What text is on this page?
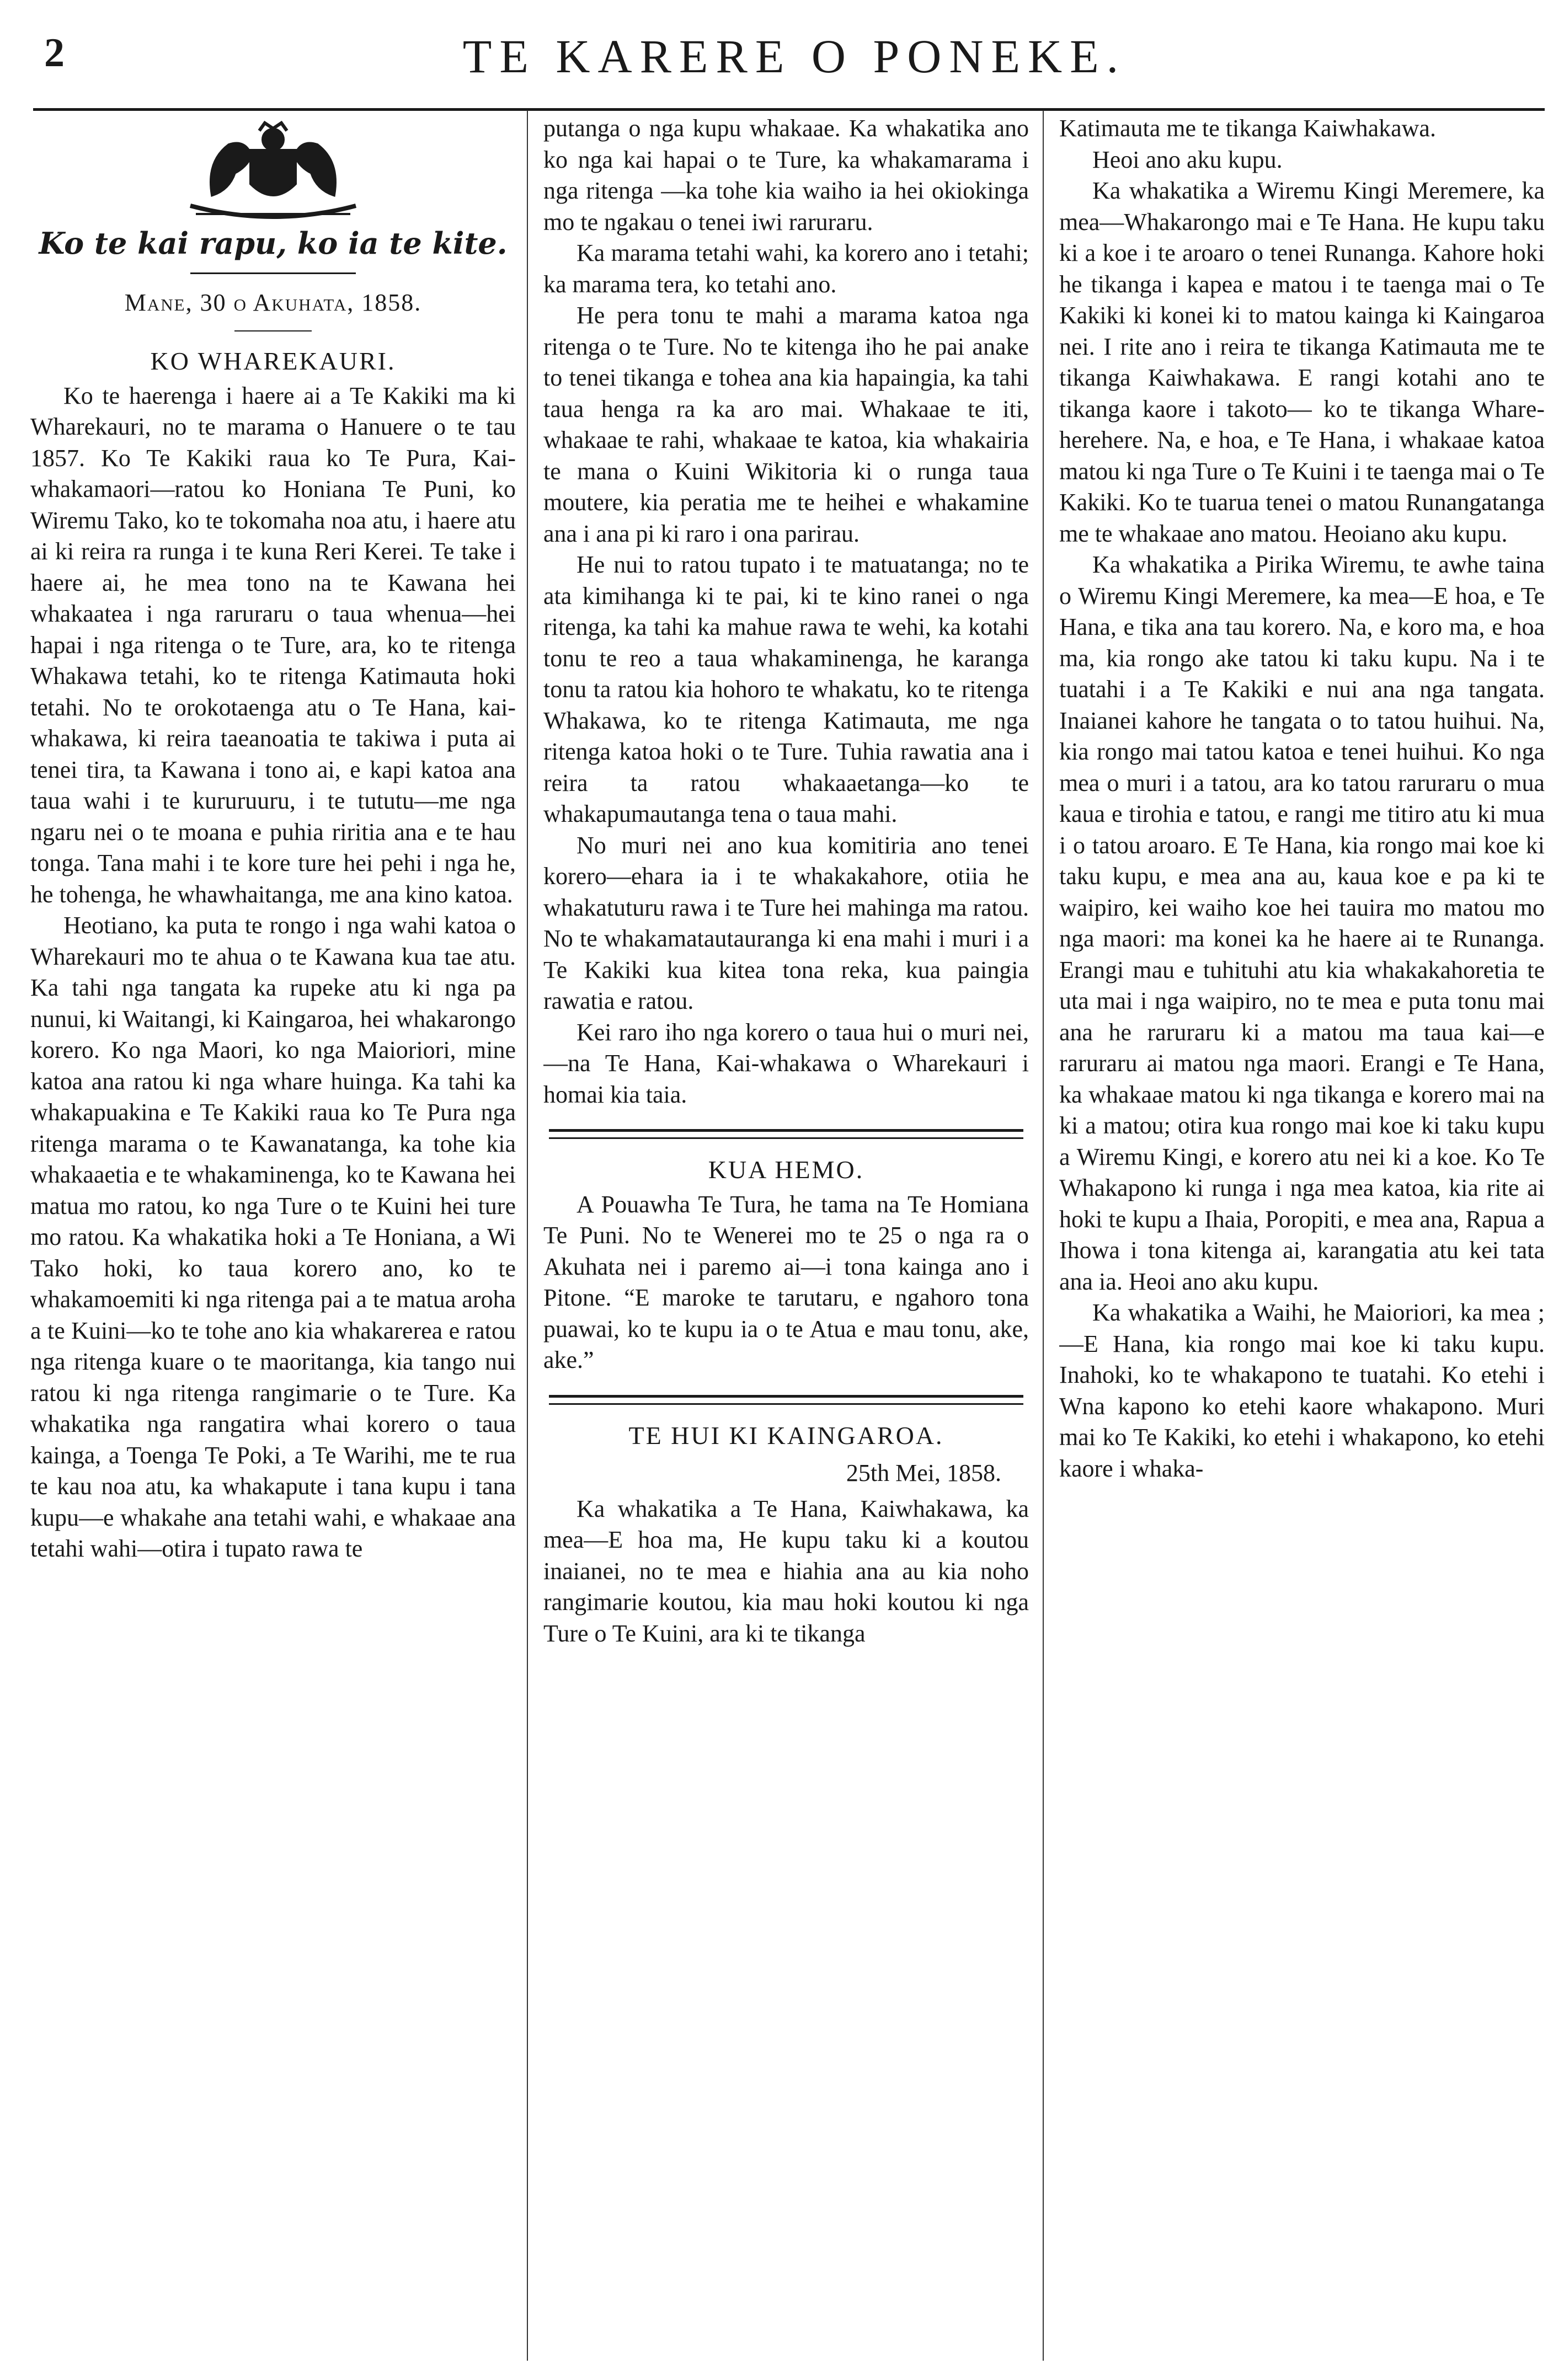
2	TE KARERE O PONEKE.
Ko te kai rapu, ko ia te kite.
Mane, 30 o Akuhata, 1858.
KO WHAREKAURI.

Ko te haerenga i haere ai a Te Kakiki ma ki Wharekauri, no te marama o Hanuere o te tau 1857. Ko Te Kakiki raua ko Te Pura, Kai-whakamaori—ratou ko Honiana Te Puni, ko Wiremu Tako, ko te tokomaha noa atu, i haere atu ai ki reira ra runga i te kuna Reri Kerei. Te take i haere ai, he mea tono na te Kawana hei whakaatea i nga raruraru o taua whenua—hei hapai i nga ritenga o te Ture, ara, ko te ritenga Whakawa tetahi, ko te ritenga Katimauta hoki tetahi. No te orokotaenga atu o Te Hana, kai-whakawa, ki reira taeanoatia te takiwa i puta ai tenei tira, ta Kawana i tono ai, e kapi katoa ana taua wahi i te kururuuru, i te tututu—me nga ngaru nei o te moana e puhia riritia ana e te hau tonga. Tana mahi i te kore ture hei pehi i nga he, he tohenga, he whawhaitanga, me ana kino katoa.

Heotiano, ka puta te rongo i nga wahi katoa o Wharekauri mo te ahua o te Kawana kua tae atu. Ka tahi nga tangata ka rupeke atu ki nga pa nunui, ki Waitangi, ki Kaingaroa, hei whakarongo korero. Ko nga Maori, ko nga Maioriori, mine katoa ana ratou ki nga whare huinga. Ka tahi ka whakapuakina e Te Kakiki raua ko Te Pura nga ritenga marama o te Kawanatanga, ka tohe kia whakaaetia e te whakaminenga, ko te Kawana hei matua mo ratou, ko nga Ture o te Kuini hei ture mo ratou. Ka whakatika hoki a Te Honiana, a Wi Tako hoki, ko taua korero ano, ko te whakamoemiti ki nga ritenga pai a te matua aroha a te Kuini—ko te tohe ano kia whakarerea e ratou nga ritenga kuare o te maoritanga, kia tango nui ratou ki nga ritenga rangimarie o te Ture. Ka whakatika nga rangatira whai korero o taua kainga, a Toenga Te Poki, a Te Warihi, me te rua te kau noa atu, ka whakapute i tana kupu i tana kupu—e whakahe ana tetahi wahi, e whakaae ana tetahi wahi—otira i tupato rawa te

putanga o nga kupu whakaae. Ka whakatika ano ko nga kai hapai o te Ture, ka whakamarama i nga ritenga —ka tohe kia waiho ia hei okiokinga mo te ngakau o tenei iwi raruraru.

Ka marama tetahi wahi, ka korero ano i tetahi; ka marama tera, ko tetahi ano.

He pera tonu te mahi a marama katoa nga ritenga o te Ture. No te kitenga iho he pai anake to tenei tikanga e tohea ana kia hapaingia, ka tahi taua henga ra ka aro mai. Whakaae te iti, whakaae te rahi, whakaae te katoa, kia whakairia te mana o Kuini Wikitoria ki o runga taua moutere, kia peratia me te heihei e whakamine ana i ana pi ki raro i ona parirau.

He nui to ratou tupato i te matuatanga; no te ata kimihanga ki te pai, ki te kino ranei o nga ritenga, ka tahi ka mahue rawa te wehi, ka kotahi tonu te reo a taua whakaminenga, he karanga tonu ta ratou kia hohoro te whakatu, ko te ritenga Whakawa, ko te ritenga Katimauta, me nga ritenga katoa hoki o te Ture. Tuhia rawatia ana i reira ta ratou whakaaetanga—ko te whakapumautanga tena o taua mahi.

No muri nei ano kua komitiria ano tenei korero—ehara ia i te whakakahore, otiia he whakatuturu rawa i te Ture hei mahinga ma ratou. No te whakamatautauranga ki ena mahi i muri i a Te Kakiki kua kitea tona reka, kua paingia rawatia e ratou.

Kei raro iho nga korero o taua hui o muri nei,—na Te Hana, Kai-whakawa o Wharekauri i homai kia taia.

KUA HEMO.

A Pouawha Te Tura, he tama na Te Homiana Te Puni. No te Wenerei mo te 25 o nga ra o Akuhata nei i paremo ai—i tona kainga ano i Pitone. “E maroke te tarutaru, e ngahoro tona puawai, ko te kupu ia o te Atua e mau tonu, ake, ake.”

TE HUI KI KAINGAROA.
25th Mei, 1858.

Ka whakatika a Te Hana, Kaiwhakawa, ka mea—E hoa ma, He kupu taku ki a koutou inaianei, no te mea e hiahia ana au kia noho rangimarie koutou, kia mau hoki koutou ki nga Ture o Te Kuini, ara ki te tikanga

Katimauta me te tikanga Kaiwhakawa.

Heoi ano aku kupu.

Ka whakatika a Wiremu Kingi Meremere, ka mea—Whakarongo mai e Te Hana. He kupu taku ki a koe i te aroaro o tenei Runanga. Kahore hoki he tikanga i kapea e matou i te taenga mai o Te Kakiki ki konei ki to matou kainga ki Kaingaroa nei. I rite ano i reira te tikanga Katimauta me te tikanga Kaiwhakawa. E rangi kotahi ano te tikanga kaore i takoto— ko te tikanga Whare-herehere. Na, e hoa, e Te Hana, i whakaae katoa matou ki nga Ture o Te Kuini i te taenga mai o Te Kakiki. Ko te tuarua tenei o matou Runangatanga me te whakaae ano matou. Heoiano aku kupu.

Ka whakatika a Pirika Wiremu, te awhe taina o Wiremu Kingi Meremere, ka mea—E hoa, e Te Hana, e tika ana tau korero. Na, e koro ma, e hoa ma, kia rongo ake tatou ki taku kupu. Na i te tuatahi i a Te Kakiki e nui ana nga tangata. Inaianei kahore he tangata o to tatou huihui. Na, kia rongo mai tatou katoa e tenei huihui. Ko nga mea o muri i a tatou, ara ko tatou raruraru o mua kaua e tirohia e tatou, e rangi me titiro atu ki mua i o tatou aroaro. E Te Hana, kia rongo mai koe ki taku kupu, e mea ana au, kaua koe e pa ki te waipiro, kei waiho koe hei tauira mo matou mo nga maori: ma konei ka he haere ai te Runanga. Erangi mau e tuhituhi atu kia whakakahoretia te uta mai i nga waipiro, no te mea e puta tonu mai ana he raruraru ki a matou ma taua kai—e raruraru ai matou nga maori. Erangi e Te Hana, ka whakaae matou ki nga tikanga e korero mai na ki a matou; otira kua rongo mai koe ki taku kupu a Wiremu Kingi, e korero atu nei ki a koe. Ko Te Whakapono ki runga i nga mea katoa, kia rite ai hoki te kupu a Ihaia, Poropiti, e mea ana, Rapua a Ihowa i tona kitenga ai, karangatia atu kei tata ana ia. Heoi ano aku kupu.

Ka whakatika a Waihi, he Maioriori, ka mea ;—E Hana, kia rongo mai koe ki taku kupu. Inahoki, ko te whakapono te tuatahi. Ko etehi i Wna kapono ko etehi kaore whakapono. Muri mai ko Te Kakiki, ko etehi i whakapono, ko etehi kaore i whaka-
